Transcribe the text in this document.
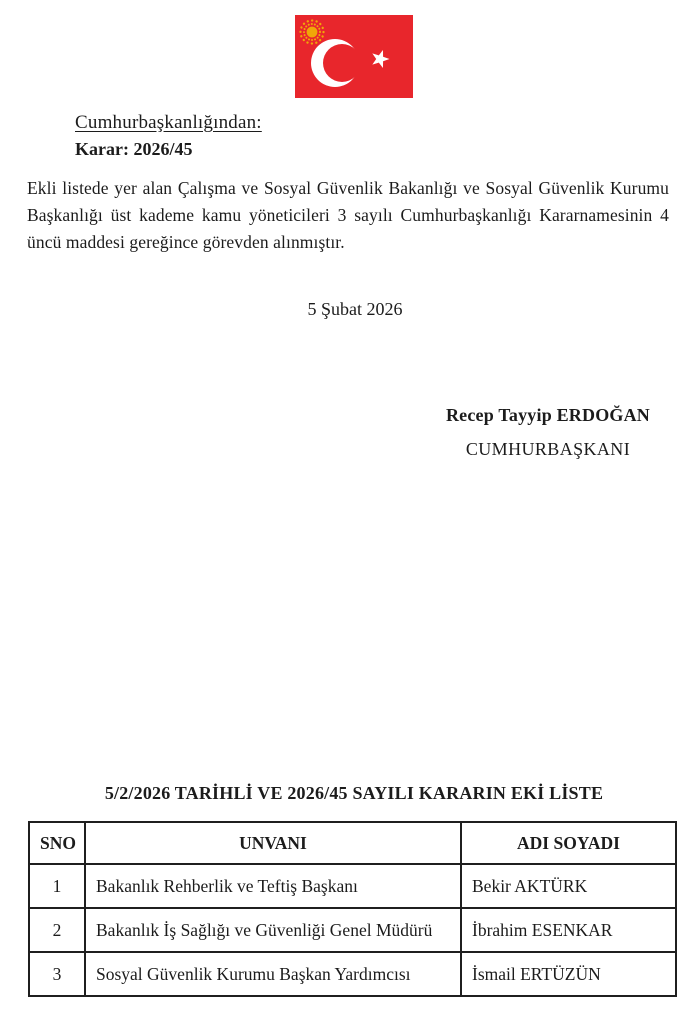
Cumhurbaşkanlığından:
Karar: 2026/45

Ekli listede yer alan Çalışma ve Sosyal Güvenlik Bakanlığı ve Sosyal Güvenlik Kurumu Başkanlığı üst kademe kamu yöneticileri 3 sayılı Cumhurbaşkanlığı Kararnamesinin 4 üncü maddesi gereğince görevden alınmıştır.

5 Şubat 2026
Recep Tayyip ERDOĞAN
CUMHURBAŞKANI
5/2/2026 TARİHLİ VE 2026/45 SAYILI KARARIN EKİ LİSTE
SNO	UNVANI	ADI SOYADI
1	Bakanlık Rehberlik ve Teftiş Başkanı	Bekir AKTÜRK
2	Bakanlık İş Sağlığı ve Güvenliği Genel Müdürü	İbrahim ESENKAR
3	Sosyal Güvenlik Kurumu Başkan Yardımcısı	İsmail ERTÜZÜN
